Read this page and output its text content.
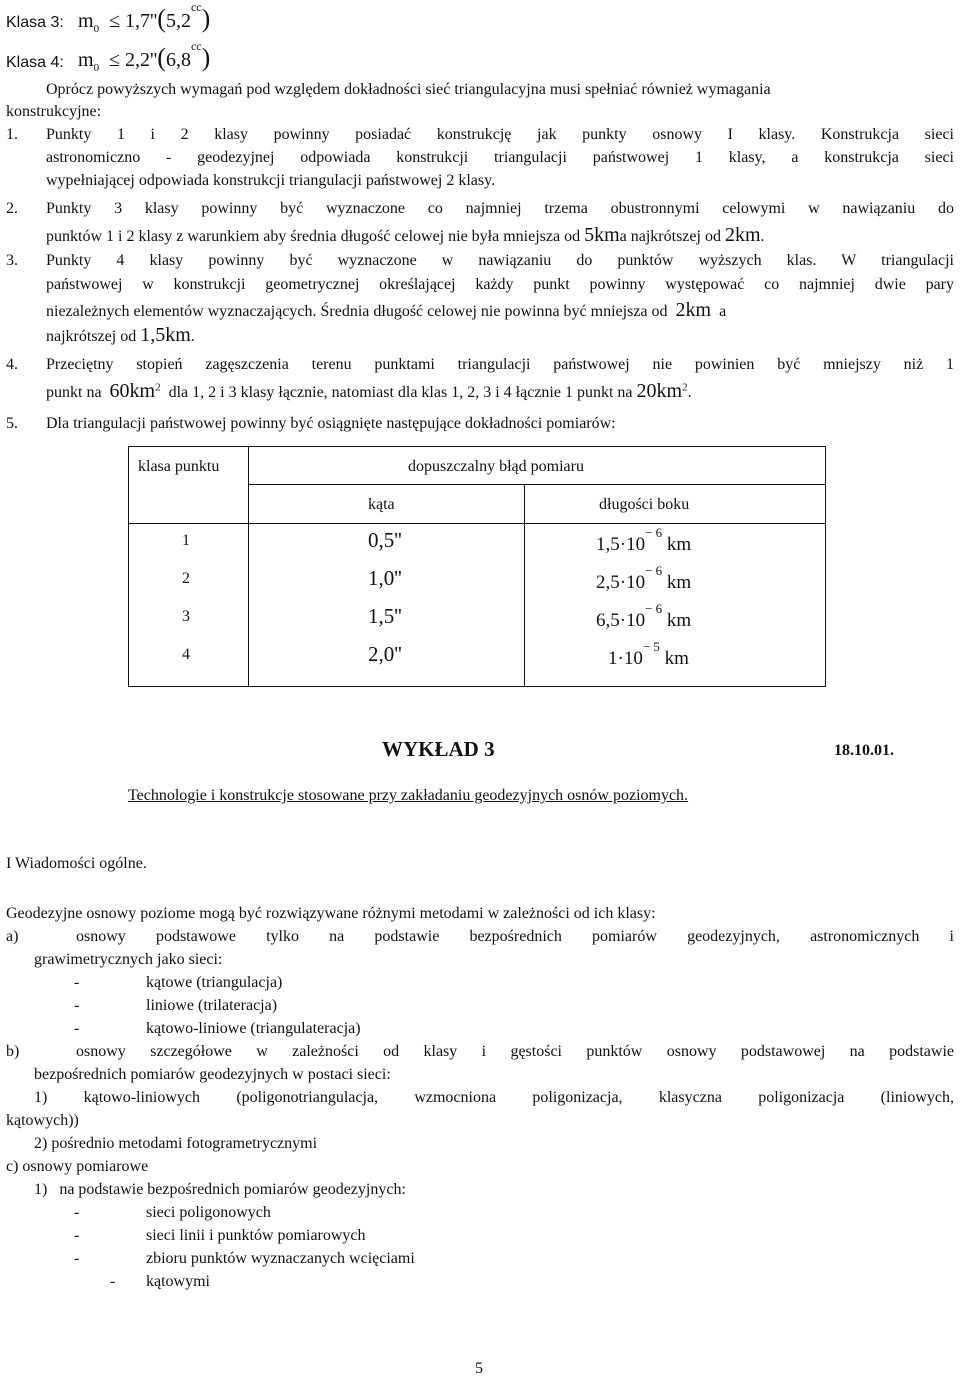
Klasa 3: $m_0 \le 1,7''(5,2^{cc})$
Klasa 4: $m_0 \le 2,2''(6,8^{cc})$
Oprócz powyższych wymagań pod względem dokładności sieć triangulacyjna musi spełniać również wymagania
konstrukcyjne:
1. Punkty 1 i 2 klasy powinny posiadać konstrukcję jak punkty osnowy I klasy. Konstrukcja sieci
astronomiczno - geodezyjnej odpowiada konstrukcji triangulacji państwowej 1 klasy, a konstrukcja sieci
wypełniającej odpowiada konstrukcji triangulacji państwowej 2 klasy.
2. Punkty 3 klasy powinny być wyznaczone co najmniej trzema obustronnymi celowymi w nawiązaniu do
punktów 1 i 2 klasy z warunkiem aby średnia długość celowej nie była mniejsza od 5kma najkrótszej od 2km.
3. Punkty 4 klasy powinny być wyznaczone w nawiązaniu do punktów wyższych klas. W triangulacji
państwowej w konstrukcji geometrycznej określającej każdy punkt powinny występować co najmniej dwie pary
niezależnych elementów wyznaczających. Średnia długość celowej nie powinna być mniejsza od 2km a
najkrótszej od 1,5km.
4. Przeciętny stopień zagęszczenia terenu punktami triangulacji państwowej nie powinien być mniejszy niż 1
punkt na $60km^2$ dla 1, 2 i 3 klasy łącznie, natomiast dla klas 1, 2, 3 i 4 łącznie 1 punkt na $20km^2$.
5. Dla triangulacji państwowej powinny być osiągnięte następujące dokładności pomiarów:
klasa punktu	dopuszczalny błąd pomiaru
kąta	długości boku
1	0,5''	$1,5\cdot 10^{- 6}$ km
2	1,0''	$2,5\cdot 10^{- 6}$ km
3	1,5''	$6,5\cdot 10^{- 6}$ km
4	2,0''	$1\cdot 10^{- 5}$ km
WYKŁAD 3	18.10.01.
Technologie i konstrukcje stosowane przy zakładaniu geodezyjnych osnów poziomych.
I Wiadomości ogólne.
Geodezyjne osnowy poziome mogą być rozwiązywane różnymi metodami w zależności od ich klasy:
a)	osnowy podstawowe tylko na podstawie bezpośrednich pomiarów geodezyjnych, astronomicznych i
grawimetrycznych jako sieci:
-	kątowe (triangulacja)
-	liniowe (trilateracja)
-	kątowo-liniowe (triangulateracja)
b)	osnowy szczegółowe w zależności od klasy i gęstości punktów osnowy podstawowej na podstawie
bezpośrednich pomiarów geodezyjnych w postaci sieci:
1) kątowo-liniowych (poligonotriangulacja, wzmocniona poligonizacja, klasyczna poligonizacja (liniowych,
kątowych))
2) pośrednio metodami fotogrametrycznymi
c) osnowy pomiarowe
1)   na podstawie bezpośrednich pomiarów geodezyjnych:
-	sieci poligonowych
-	sieci linii i punktów pomiarowych
-	zbioru punktów wyznaczanych wcięciami
- kątowymi
5
